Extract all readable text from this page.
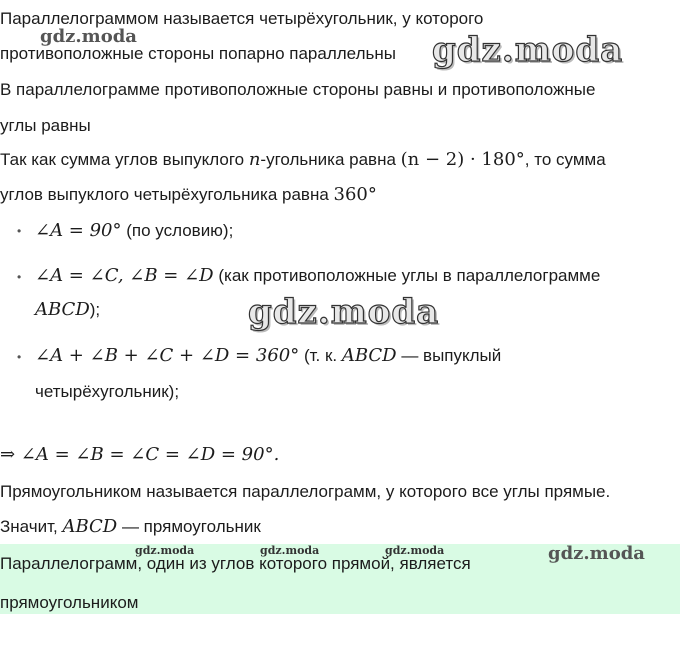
Параллелограммом называется четырёхугольник, у которого
противоположные стороны попарно параллельны
В параллелограмме противоположные стороны равны и противоположные
углы равны
Так как сумма углов выпуклого n-угольника равна (n − 2) · 180°, то сумма
углов выпуклого четырёхугольника равна 360°
• ∠A = 90° (по условию);
• ∠A = ∠C, ∠B = ∠D (как противоположные углы в параллелограмме
ABCD);
• ∠A + ∠B + ∠C + ∠D = 360° (т. к. ABCD — выпуклый
четырёхугольник);
⇒ ∠A = ∠B = ∠C = ∠D = 90°.
Прямоугольником называется параллелограмм, у которого все углы прямые.
Значит, ABCD — прямоугольник
Параллелограмм, один из углов которого прямой, является
прямоугольником
gdz.moda	gdz.moda
gdz.moda
gdz.moda	gdz.moda	gdz.moda	gdz.moda
